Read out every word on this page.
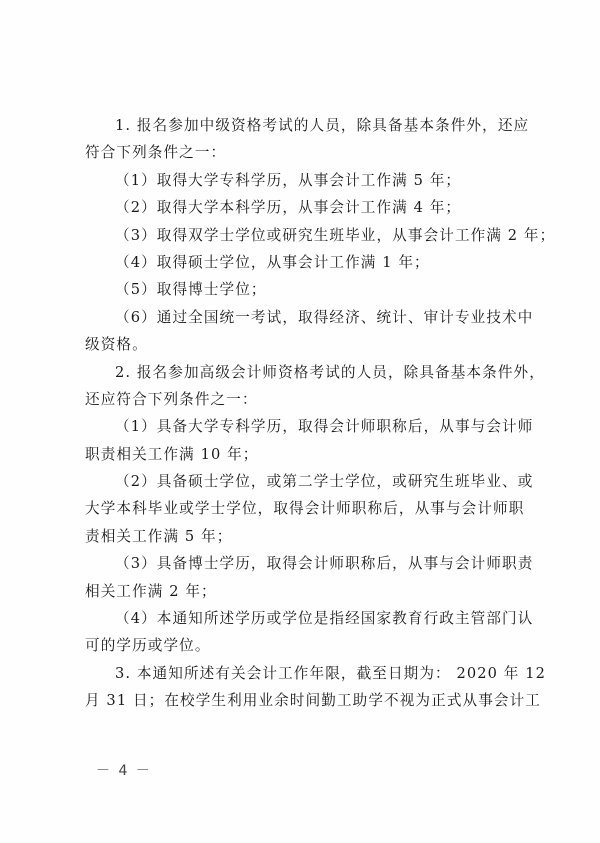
1. 报名参加中级资格考试的人员，除具备基本条件外，还应
符合下列条件之一：
（1）取得大学专科学历，从事会计工作满 5 年；
（2）取得大学本科学历，从事会计工作满 4 年；
（3）取得双学士学位或研究生班毕业，从事会计工作满 2 年；
（4）取得硕士学位，从事会计工作满 1 年；
（5）取得博士学位；
（6）通过全国统一考试，取得经济、统计、审计专业技术中
级资格。
2. 报名参加高级会计师资格考试的人员，除具备基本条件外，
还应符合下列条件之一：
（1）具备大学专科学历，取得会计师职称后，从事与会计师
职责相关工作满 10 年；
（2）具备硕士学位，或第二学士学位，或研究生班毕业、或
大学本科毕业或学士学位，取得会计师职称后，从事与会计师职
责相关工作满 5 年；
（3）具备博士学历，取得会计师职称后，从事与会计师职责
相关工作满 2 年；
（4）本通知所述学历或学位是指经国家教育行政主管部门认
可的学历或学位。
3. 本通知所述有关会计工作年限，截至日期为： 2020 年 12
月 31 日；在校学生利用业余时间勤工助学不视为正式从事会计工
－ 4 －
